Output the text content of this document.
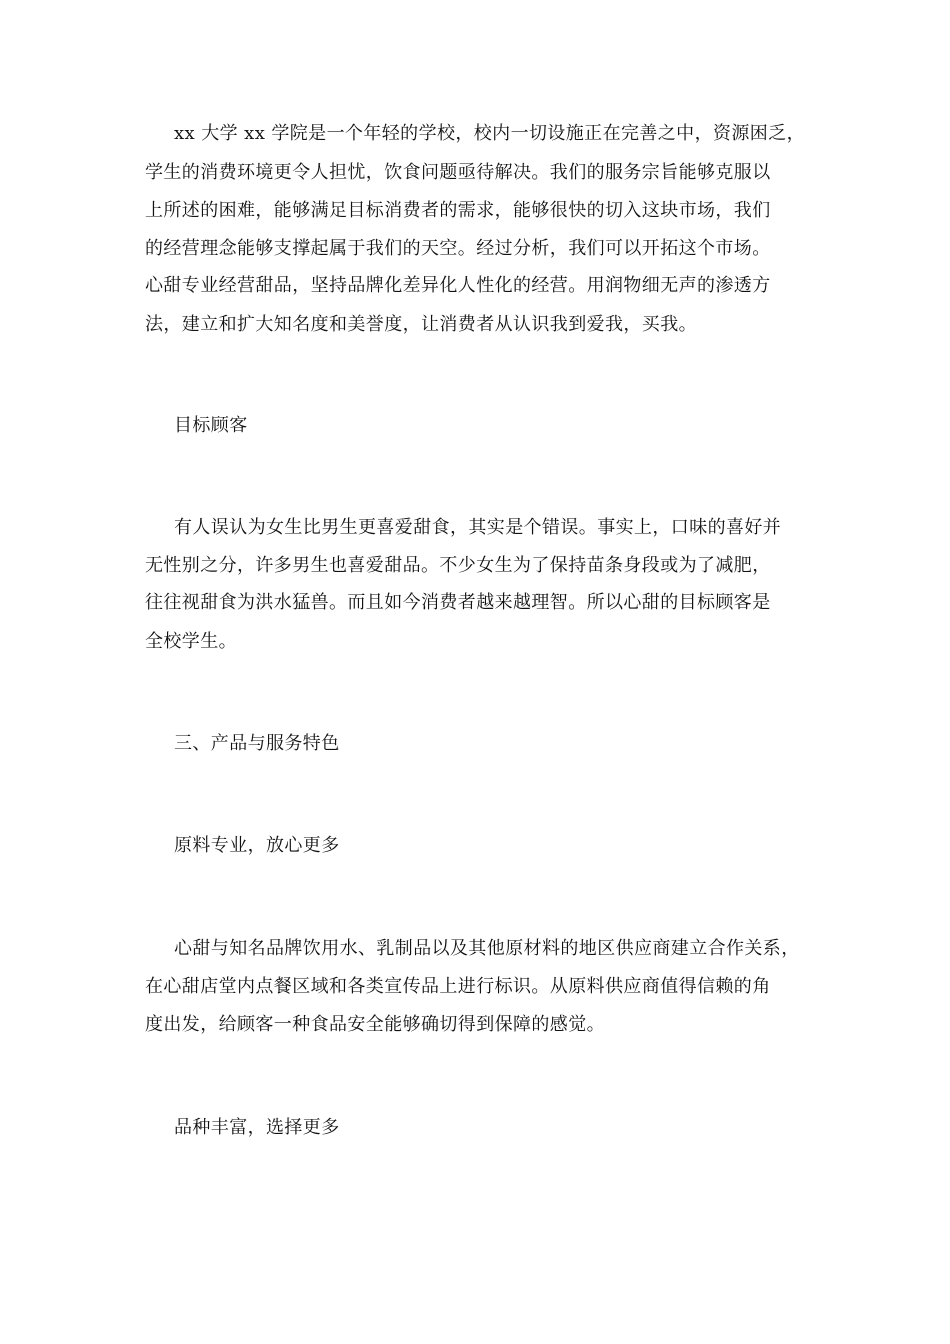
xx 大学 xx 学院是一个年轻的学校，校内一切设施正在完善之中，资源困乏，
学生的消费环境更令人担忧，饮食问题亟待解决。我们的服务宗旨能够克服以
上所述的困难，能够满足目标消费者的需求，能够很快的切入这块市场，我们
的经营理念能够支撑起属于我们的天空。经过分析，我们可以开拓这个市场。
心甜专业经营甜品，坚持品牌化差异化人性化的经营。用润物细无声的渗透方
法，建立和扩大知名度和美誉度，让消费者从认识我到爱我，买我。
目标顾客
有人误认为女生比男生更喜爱甜食，其实是个错误。事实上，口味的喜好并
无性别之分，许多男生也喜爱甜品。不少女生为了保持苗条身段或为了减肥，
往往视甜食为洪水猛兽。而且如今消费者越来越理智。所以心甜的目标顾客是
全校学生。
三、产品与服务特色
原料专业，放心更多
心甜与知名品牌饮用水、乳制品以及其他原材料的地区供应商建立合作关系，
在心甜店堂内点餐区域和各类宣传品上进行标识。从原料供应商值得信赖的角
度出发，给顾客一种食品安全能够确切得到保障的感觉。
品种丰富，选择更多
